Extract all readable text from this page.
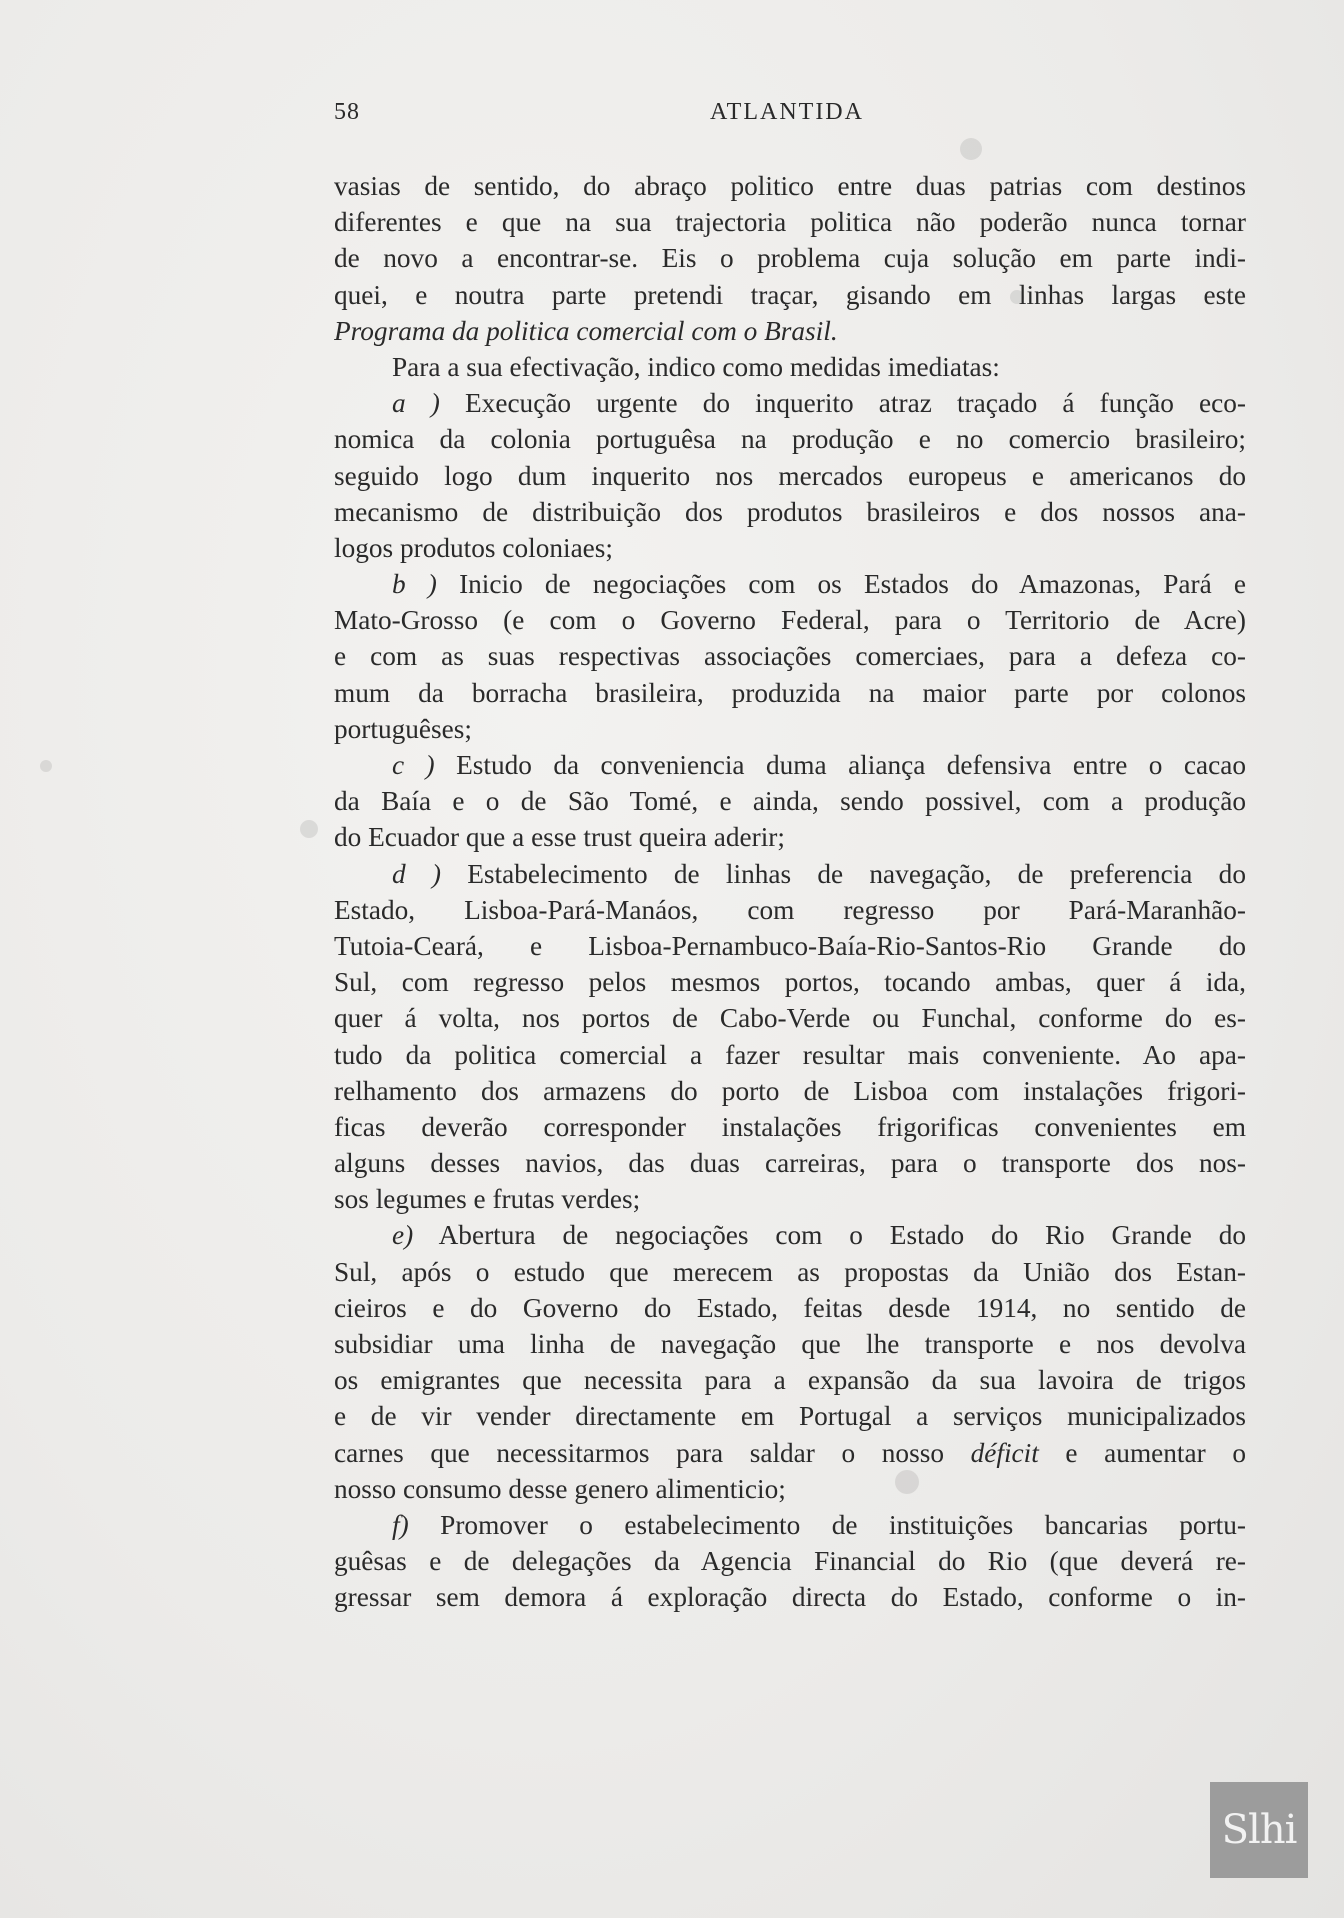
58	ATLANTIDA
vasias de sentido, do abraço politico entre duas patrias com destinos
diferentes e que na sua trajectoria politica não poderão nunca tornar
de novo a encontrar-se. Eis o problema cuja solução em parte indi-
quei, e noutra parte pretendi traçar, gisando em linhas largas este
Programa da politica comercial com o Brasil.
Para a sua efectivação, indico como medidas imediatas:
a ) Execução urgente do inquerito atraz traçado á função eco-
nomica da colonia portuguêsa na produção e no comercio brasileiro;
seguido logo dum inquerito nos mercados europeus e americanos do
mecanismo de distribuição dos produtos brasileiros e dos nossos ana-
logos produtos coloniaes;
b ) Inicio de negociações com os Estados do Amazonas, Pará e
Mato-Grosso (e com o Governo Federal, para o Territorio de Acre)
e com as suas respectivas associações comerciaes, para a defeza co-
mum da borracha brasileira, produzida na maior parte por colonos
portuguêses;
c ) Estudo da conveniencia duma aliança defensiva entre o cacao
da Baía e o de São Tomé, e ainda, sendo possivel, com a produção
do Ecuador que a esse trust queira aderir;
d ) Estabelecimento de linhas de navegação, de preferencia do
Estado, Lisboa-Pará-Manáos, com regresso por Pará-Maranhão-
Tutoia-Ceará, e Lisboa-Pernambuco-Baía-Rio-Santos-Rio Grande do
Sul, com regresso pelos mesmos portos, tocando ambas, quer á ida,
quer á volta, nos portos de Cabo-Verde ou Funchal, conforme do es-
tudo da politica comercial a fazer resultar mais conveniente. Ao apa-
relhamento dos armazens do porto de Lisboa com instalações frigori-
ficas deverão corresponder instalações frigorificas convenientes em
alguns desses navios, das duas carreiras, para o transporte dos nos-
sos legumes e frutas verdes;
e) Abertura de negociações com o Estado do Rio Grande do
Sul, após o estudo que merecem as propostas da União dos Estan-
cieiros e do Governo do Estado, feitas desde 1914, no sentido de
subsidiar uma linha de navegação que lhe transporte e nos devolva
os emigrantes que necessita para a expansão da sua lavoira de trigos
e de vir vender directamente em Portugal a serviços municipalizados
carnes que necessitarmos para saldar o nosso déficit e aumentar o
nosso consumo desse genero alimenticio;
f) Promover o estabelecimento de instituições bancarias portu-
guêsas e de delegações da Agencia Financial do Rio (que deverá re-
gressar sem demora á exploração directa do Estado, conforme o in-
Slhi
